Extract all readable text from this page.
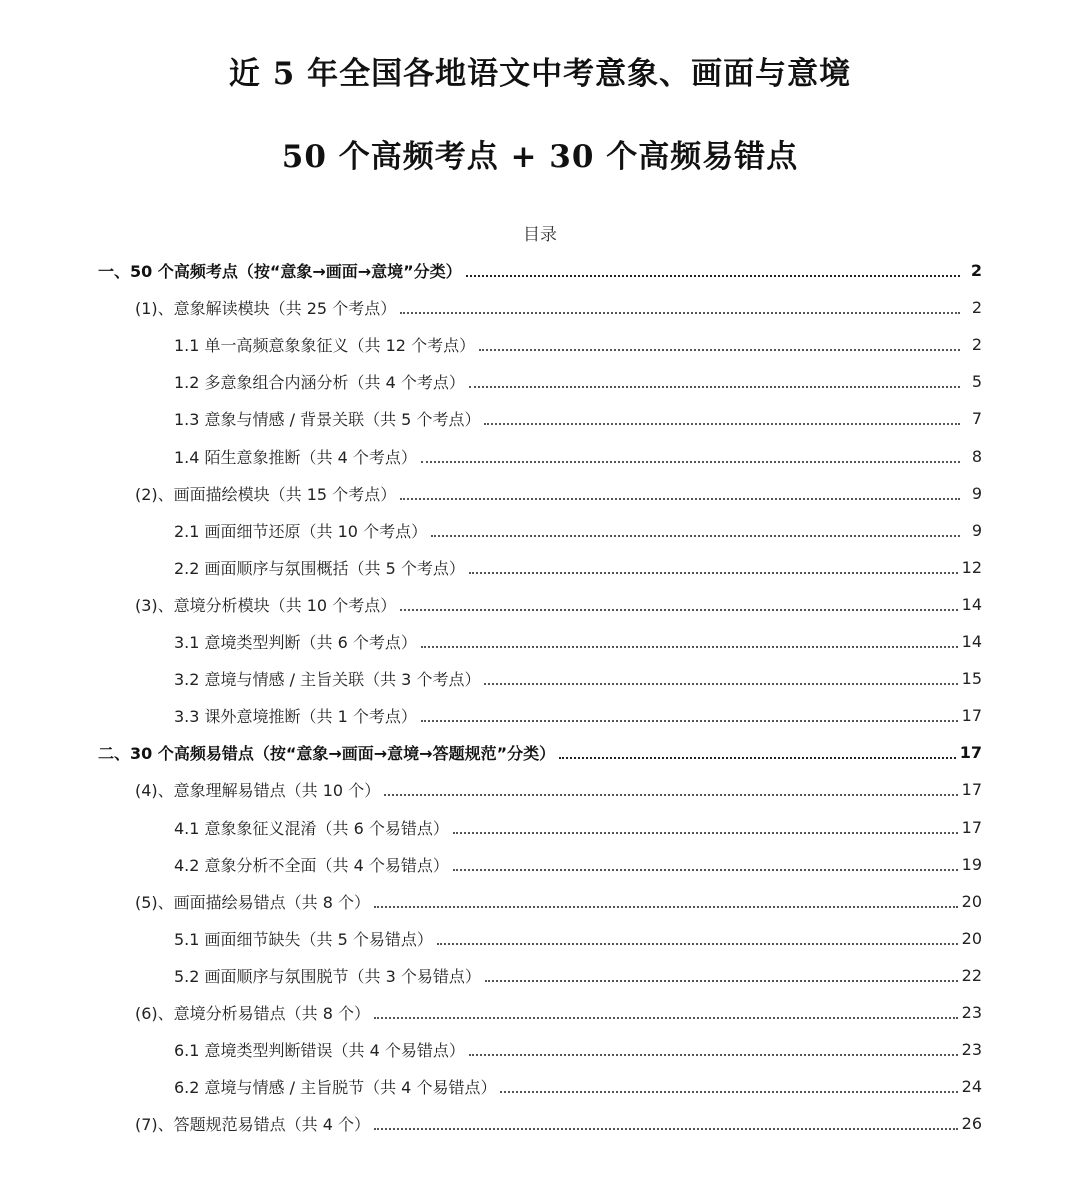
近 5 年全国各地语文中考意象、画面与意境
50 个高频考点 + 30 个高频易错点
目录
一、50 个高频考点（按“意象→画面→意境”分类）	2
(1)、意象解读模块（共 25 个考点）	2
1.1 单一高频意象象征义（共 12 个考点）	2
1.2 多意象组合内涵分析（共 4 个考点）	5
1.3 意象与情感 / 背景关联（共 5 个考点）	7
1.4 陌生意象推断（共 4 个考点）	8
(2)、画面描绘模块（共 15 个考点）	9
2.1 画面细节还原（共 10 个考点）	9
2.2 画面顺序与氛围概括（共 5 个考点）	12
(3)、意境分析模块（共 10 个考点）	14
3.1 意境类型判断（共 6 个考点）	14
3.2 意境与情感 / 主旨关联（共 3 个考点）	15
3.3 课外意境推断（共 1 个考点）	17
二、30 个高频易错点（按“意象→画面→意境→答题规范”分类）	17
(4)、意象理解易错点（共 10 个）	17
4.1 意象象征义混淆（共 6 个易错点）	17
4.2 意象分析不全面（共 4 个易错点）	19
(5)、画面描绘易错点（共 8 个）	20
5.1 画面细节缺失（共 5 个易错点）	20
5.2 画面顺序与氛围脱节（共 3 个易错点）	22
(6)、意境分析易错点（共 8 个）	23
6.1 意境类型判断错误（共 4 个易错点）	23
6.2 意境与情感 / 主旨脱节（共 4 个易错点）	24
(7)、答题规范易错点（共 4 个）	26
